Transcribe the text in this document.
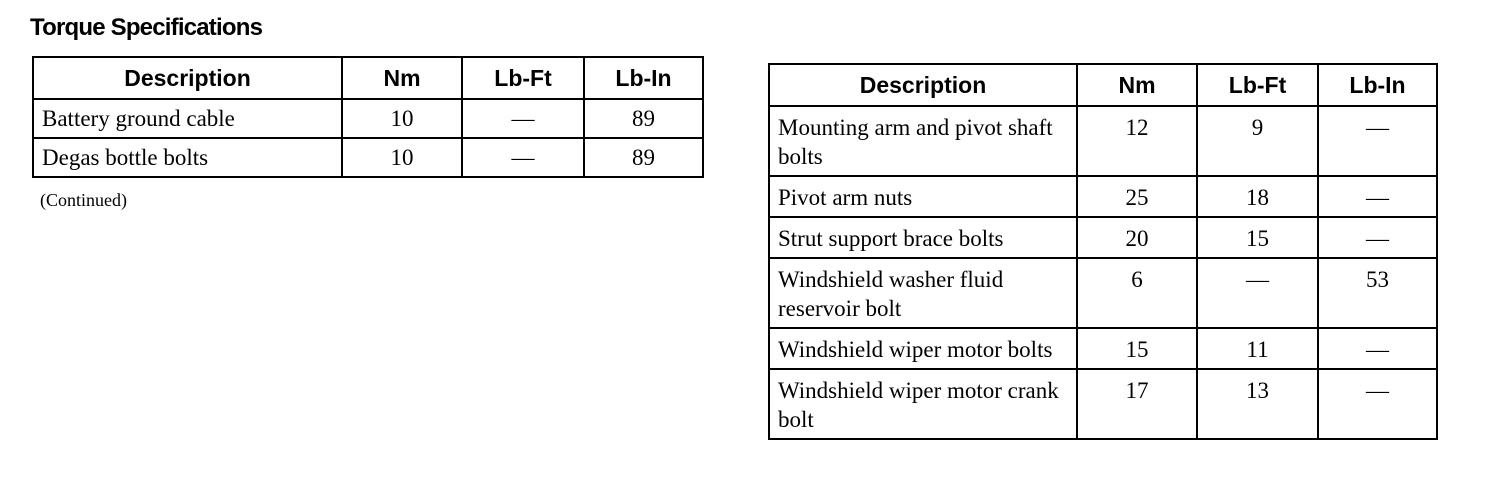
Torque Specifications
Description	Nm	Lb-Ft	Lb-In
Battery ground cable	10	—	89
Degas bottle bolts	10	—	89
(Continued)
Description	Nm	Lb-Ft	Lb-In
Mounting arm and pivot shaft bolts	12	9	—
Pivot arm nuts	25	18	—
Strut support brace bolts	20	15	—
Windshield washer fluid reservoir bolt	6	—	53
Windshield wiper motor bolts	15	11	—
Windshield wiper motor crank bolt	17	13	—
